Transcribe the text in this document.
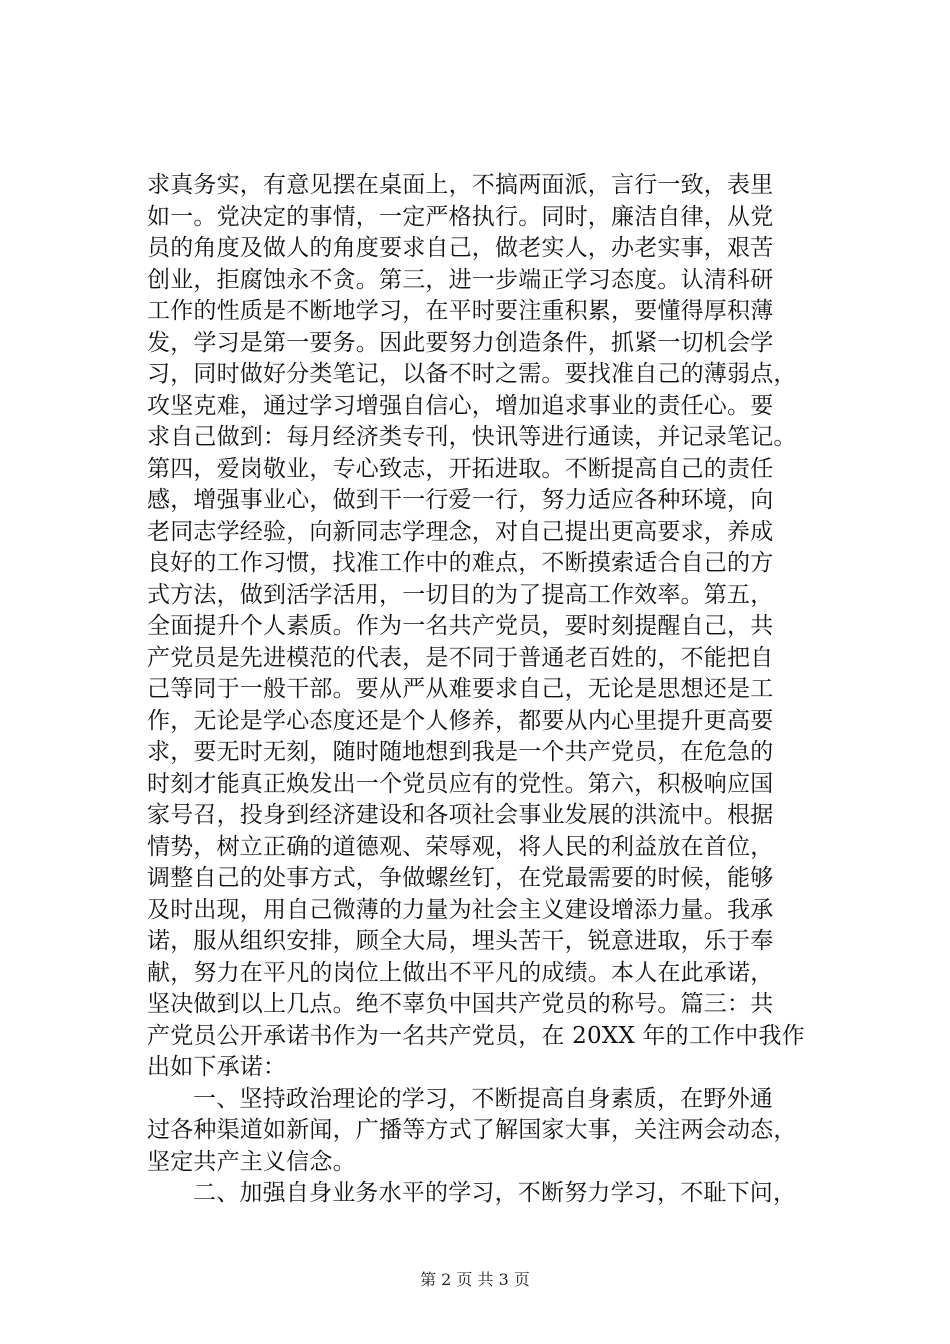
求真务实，有意见摆在桌面上，不搞两面派，言行一致，表里
如一。党决定的事情，一定严格执行。同时，廉洁自律，从党
员的角度及做人的角度要求自己，做老实人，办老实事，艰苦
创业，拒腐蚀永不贪。第三，进一步端正学习态度。认清科研
工作的性质是不断地学习，在平时要注重积累，要懂得厚积薄
发，学习是第一要务。因此要努力创造条件，抓紧一切机会学
习，同时做好分类笔记，以备不时之需。要找准自己的薄弱点，
攻坚克难，通过学习增强自信心，增加追求事业的责任心。要
求自己做到：每月经济类专刊，快讯等进行通读，并记录笔记。
第四，爱岗敬业，专心致志，开拓进取。不断提高自己的责任
感，增强事业心，做到干一行爱一行，努力适应各种环境，向
老同志学经验，向新同志学理念，对自己提出更高要求，养成
良好的工作习惯，找准工作中的难点，不断摸索适合自己的方
式方法，做到活学活用，一切目的为了提高工作效率。第五，
全面提升个人素质。作为一名共产党员，要时刻提醒自己，共
产党员是先进模范的代表，是不同于普通老百姓的，不能把自
己等同于一般干部。要从严从难要求自己，无论是思想还是工
作，无论是学心态度还是个人修养，都要从内心里提升更高要
求，要无时无刻，随时随地想到我是一个共产党员，在危急的
时刻才能真正焕发出一个党员应有的党性。第六，积极响应国
家号召，投身到经济建设和各项社会事业发展的洪流中。根据
情势，树立正确的道德观、荣辱观，将人民的利益放在首位，
调整自己的处事方式，争做螺丝钉，在党最需要的时候，能够
及时出现，用自己微薄的力量为社会主义建设增添力量。我承
诺，服从组织安排，顾全大局，埋头苦干，锐意进取，乐于奉
献，努力在平凡的岗位上做出不平凡的成绩。本人在此承诺，
坚决做到以上几点。绝不辜负中国共产党员的称号。篇三：共
产党员公开承诺书作为一名共产党员，在 20XX 年的工作中我作
出如下承诺：
一、坚持政治理论的学习，不断提高自身素质，在野外通
过各种渠道如新闻，广播等方式了解国家大事，关注两会动态，
坚定共产主义信念。
二、加强自身业务水平的学习，不断努力学习，不耻下问，
第 2 页 共 3 页
